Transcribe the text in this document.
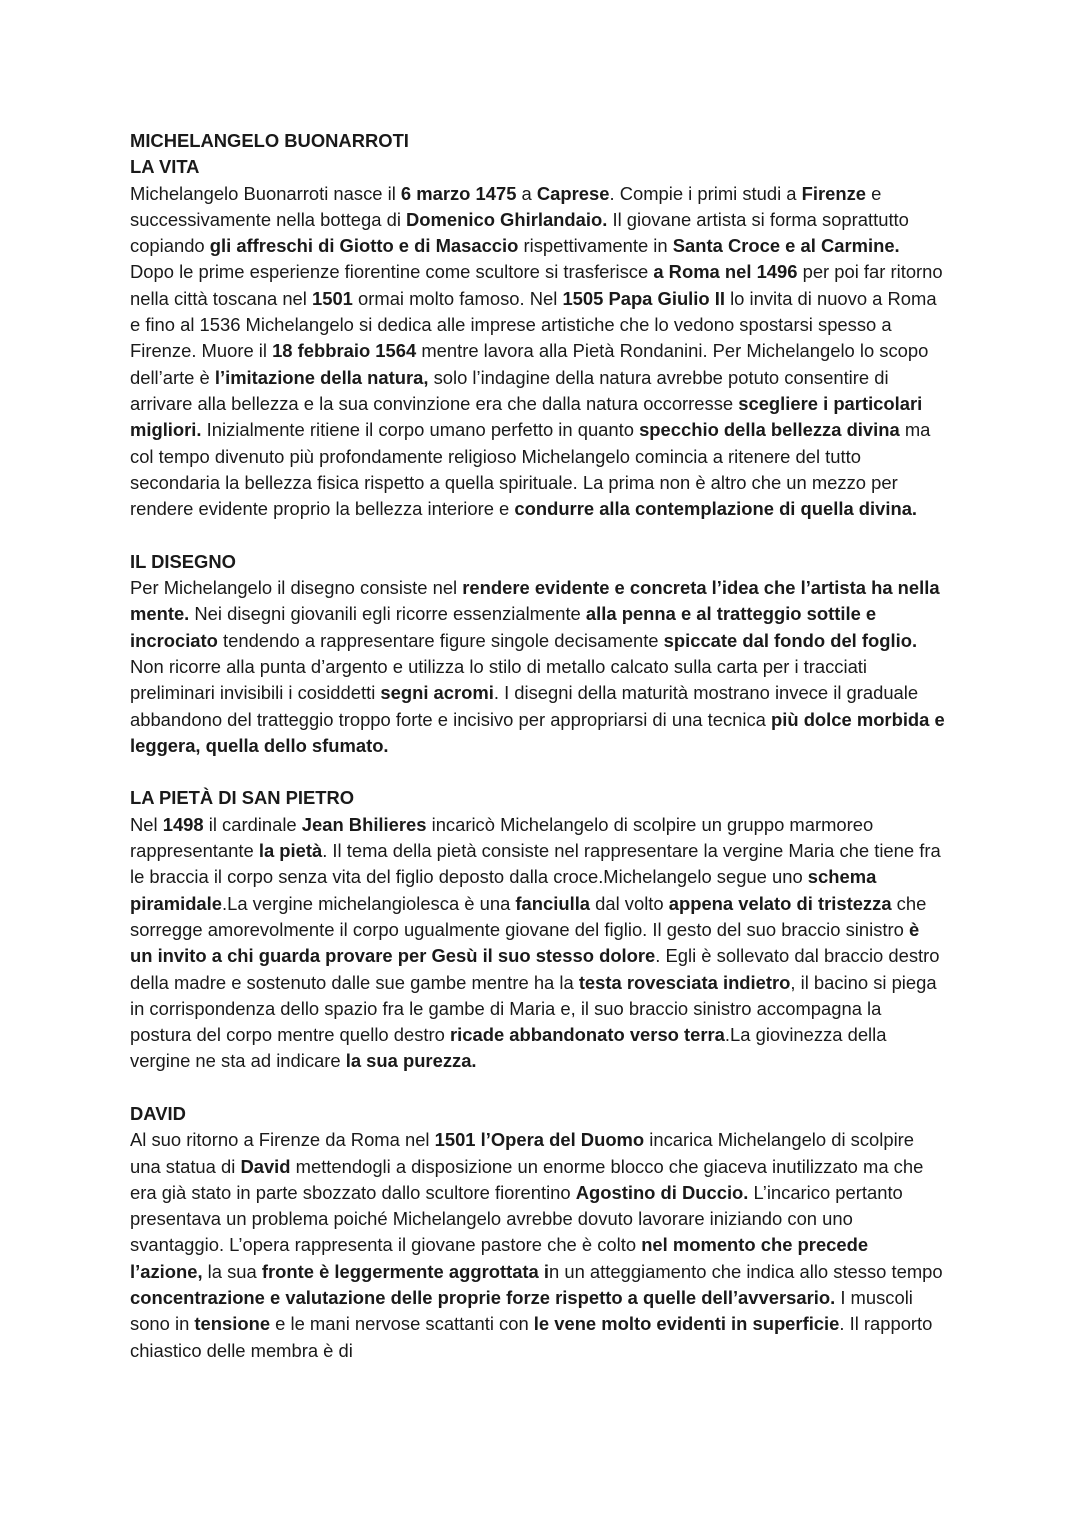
MICHELANGELO BUONARROTI

LA VITA

Michelangelo Buonarroti nasce il 6 marzo 1475 a Caprese. Compie i primi studi a Firenze e successivamente nella bottega di Domenico Ghirlandaio. Il giovane artista si forma soprattutto copiando gli affreschi di Giotto e di Masaccio rispettivamente in Santa Croce e al Carmine. Dopo le prime esperienze fiorentine come scultore si trasferisce a Roma nel 1496 per poi far ritorno nella città toscana nel 1501 ormai molto famoso. Nel 1505 Papa Giulio II lo invita di nuovo a Roma e fino al 1536 Michelangelo si dedica alle imprese artistiche che lo vedono spostarsi spesso a Firenze. Muore il 18 febbraio 1564 mentre lavora alla Pietà Rondanini. Per Michelangelo lo scopo dell’arte è l’imitazione della natura, solo l’indagine della natura avrebbe potuto consentire di arrivare alla bellezza e la sua convinzione era che dalla natura occorresse scegliere i particolari migliori. Inizialmente ritiene il corpo umano perfetto in quanto specchio della bellezza divina ma col tempo divenuto più profondamente religioso Michelangelo comincia a ritenere del tutto secondaria la bellezza fisica rispetto a quella spirituale. La prima non è altro che un mezzo per rendere evidente proprio la bellezza interiore e condurre alla contemplazione di quella divina.

IL DISEGNO

Per Michelangelo il disegno consiste nel rendere evidente e concreta l’idea che l’artista ha nella mente. Nei disegni giovanili egli ricorre essenzialmente alla penna e al tratteggio sottile e incrociato tendendo a rappresentare figure singole decisamente spiccate dal fondo del foglio. Non ricorre alla punta d’argento e utilizza lo stilo di metallo calcato sulla carta per i tracciati preliminari invisibili i cosiddetti segni acromi. I disegni della maturità mostrano invece il graduale abbandono del tratteggio troppo forte e incisivo per appropriarsi di una tecnica più dolce morbida e leggera, quella dello sfumato.

LA PIETÀ DI SAN PIETRO

Nel 1498 il cardinale Jean Bhilieres incaricò Michelangelo di scolpire un gruppo marmoreo rappresentante la pietà. Il tema della pietà consiste nel rappresentare la vergine Maria che tiene fra le braccia il corpo senza vita del figlio deposto dalla croce.Michelangelo segue uno schema piramidale.La vergine michelangiolesca è una fanciulla dal volto appena velato di tristezza che sorregge amorevolmente il corpo ugualmente giovane del figlio. Il gesto del suo braccio sinistro è un invito a chi guarda provare per Gesù il suo stesso dolore. Egli è sollevato dal braccio destro della madre e sostenuto dalle sue gambe mentre ha la testa rovesciata indietro, il bacino si piega in corrispondenza dello spazio fra le gambe di Maria e, il suo braccio sinistro accompagna la postura del corpo mentre quello destro ricade abbandonato verso terra.La giovinezza della vergine ne sta ad indicare la sua purezza.

DAVID

Al suo ritorno a Firenze da Roma nel 1501 l’Opera del Duomo incarica Michelangelo di scolpire una statua di David mettendogli a disposizione un enorme blocco che giaceva inutilizzato ma che era già stato in parte sbozzato dallo scultore fiorentino Agostino di Duccio. L’incarico pertanto presentava un problema poiché Michelangelo avrebbe dovuto lavorare iniziando con uno svantaggio. L’opera rappresenta il giovane pastore che è colto nel momento che precede l’azione, la sua fronte è leggermente aggrottata in un atteggiamento che indica allo stesso tempo concentrazione e valutazione delle proprie forze rispetto a quelle dell’avversario. I muscoli sono in tensione e le mani nervose scattanti con le vene molto evidenti in superficie. Il rapporto chiastico delle membra è di
